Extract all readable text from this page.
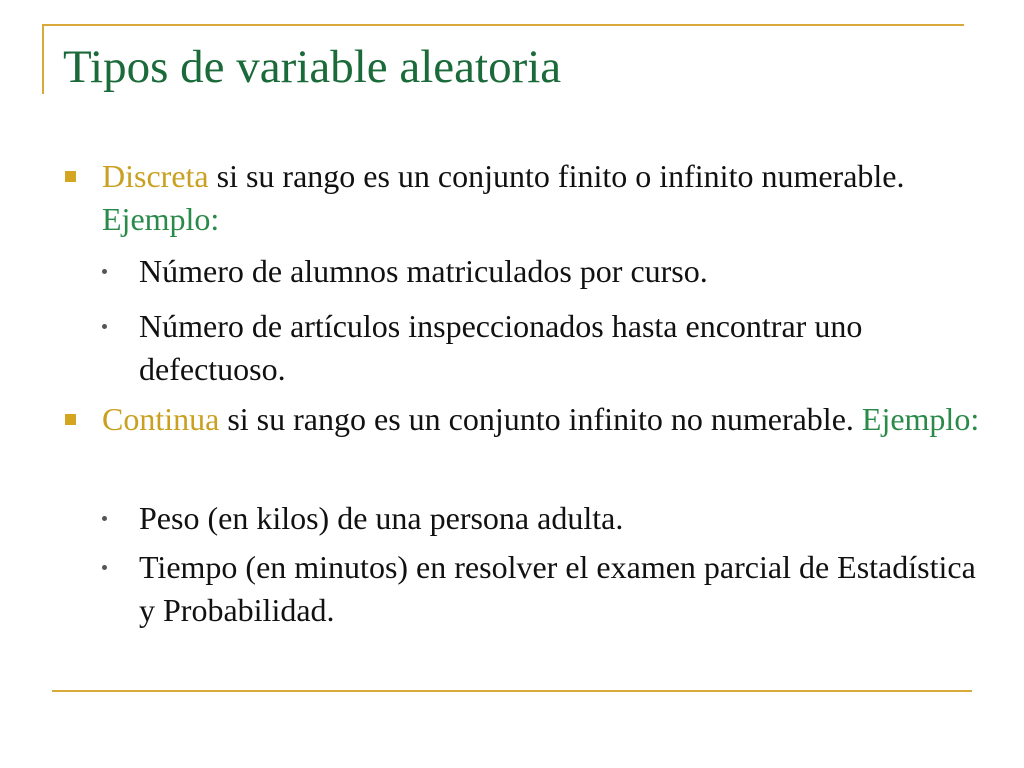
Tipos de variable aleatoria
Discreta si su rango es un conjunto finito o infinito numerable. Ejemplo:
Número de alumnos matriculados por curso.
Número de artículos inspeccionados hasta encontrar uno defectuoso.
Continua si su rango es un conjunto infinito no numerable. Ejemplo:
Peso (en kilos) de una persona adulta.
Tiempo (en minutos) en resolver el examen parcial de Estadística y Probabilidad.
